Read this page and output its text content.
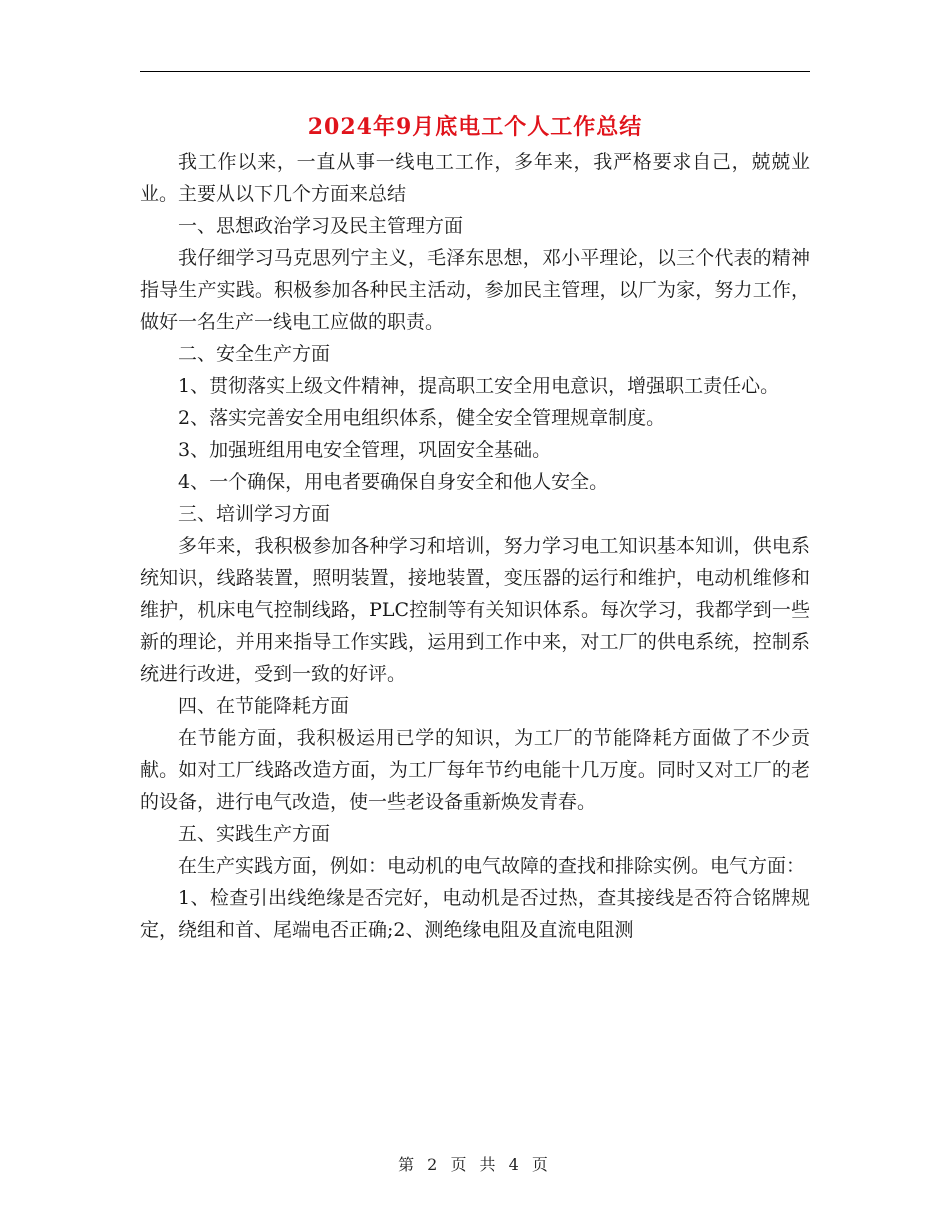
2024年9月底电工个人工作总结

我工作以来，一直从事一线电工工作，多年来，我严格要求自己，兢兢业业。主要从以下几个方面来总结

一、思想政治学习及民主管理方面

我仔细学习马克思列宁主义，毛泽东思想，邓小平理论，以三个代表的精神指导生产实践。积极参加各种民主活动，参加民主管理，以厂为家，努力工作，做好一名生产一线电工应做的职责。

二、安全生产方面

1、贯彻落实上级文件精神，提高职工安全用电意识，增强职工责任心。

2、落实完善安全用电组织体系，健全安全管理规章制度。

3、加强班组用电安全管理，巩固安全基础。

4、一个确保，用电者要确保自身安全和他人安全。

三、培训学习方面

多年来，我积极参加各种学习和培训，努力学习电工知识基本知训，供电系统知识，线路装置，照明装置，接地装置，变压器的运行和维护，电动机维修和维护，机床电气控制线路，PLC控制等有关知识体系。每次学习，我都学到一些新的理论，并用来指导工作实践，运用到工作中来，对工厂的供电系统，控制系统进行改进，受到一致的好评。

四、在节能降耗方面

在节能方面，我积极运用已学的知识，为工厂的节能降耗方面做了不少贡献。如对工厂线路改造方面，为工厂每年节约电能十几万度。同时又对工厂的老的设备，进行电气改造，使一些老设备重新焕发青春。

五、实践生产方面

在生产实践方面，例如：电动机的电气故障的查找和排除实例。电气方面：

1、检查引出线绝缘是否完好，电动机是否过热，查其接线是否符合铭牌规定，绕组和首、尾端电否正确;2、测绝缘电阻及直流电阻测

第 2 页 共 4 页
